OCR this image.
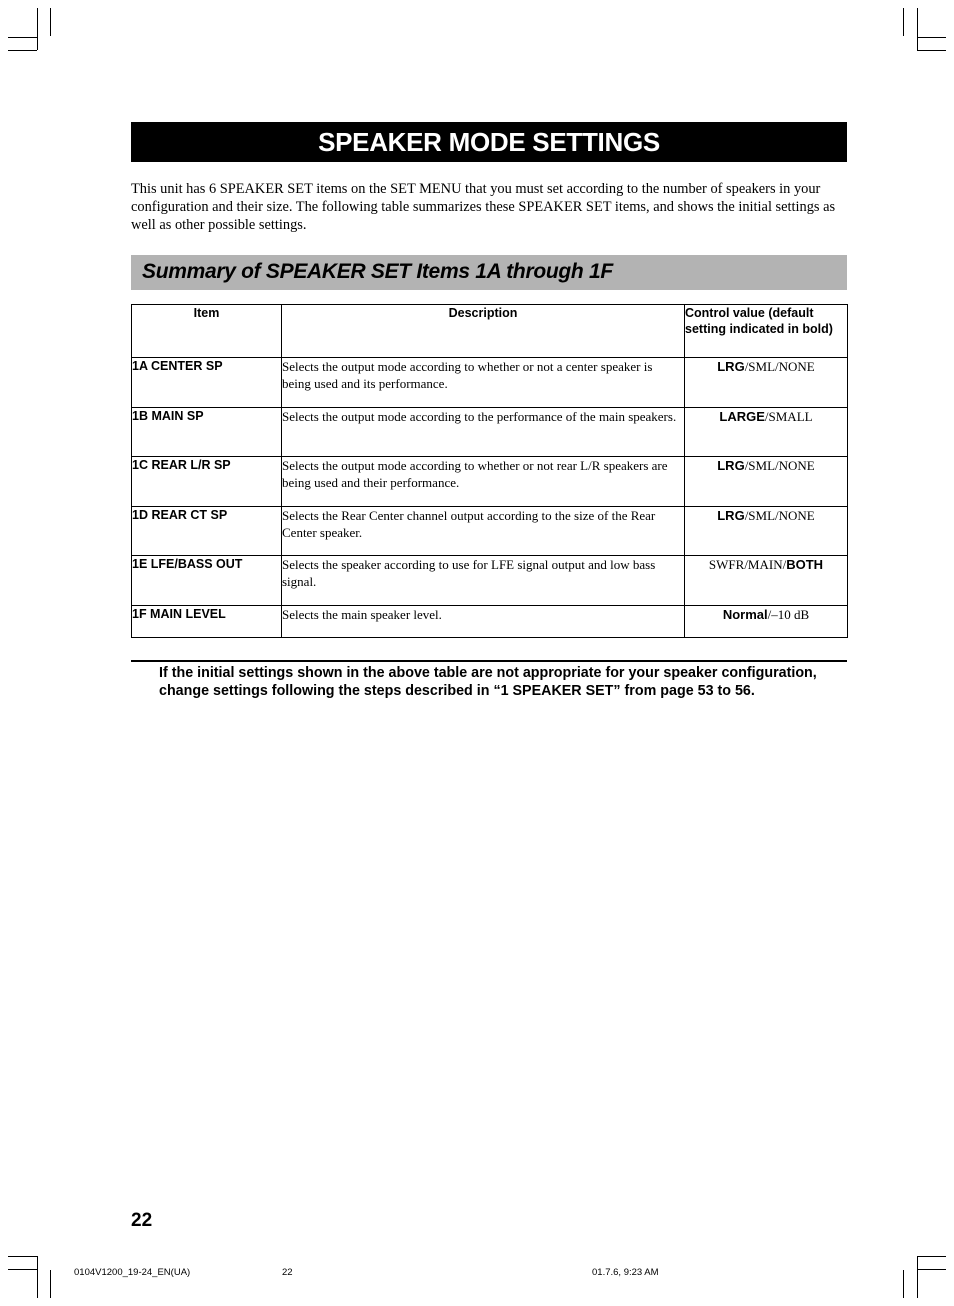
SPEAKER MODE SETTINGS

This unit has 6 SPEAKER SET items on the SET MENU that you must set according to the number of speakers in your configuration and their size. The following table summarizes these SPEAKER SET items, and shows the initial settings as well as other possible settings.

Summary of SPEAKER SET Items 1A through 1F
Item	Description	Control value (default setting indicated in bold)
1A CENTER SP	Selects the output mode according to whether or not a center speaker is being used and its performance.	LRG/SML/NONE
1B MAIN SP	Selects the output mode according to the performance of the main speakers.	LARGE/SMALL
1C REAR L/R SP	Selects the output mode according to whether or not rear L/R speakers are being used and their performance.	LRG/SML/NONE
1D REAR CT SP	Selects the Rear Center channel output according to the size of the Rear Center speaker.	LRG/SML/NONE
1E LFE/BASS OUT	Selects the speaker according to use for LFE signal output and low bass signal.	SWFR/MAIN/BOTH
1F MAIN LEVEL	Selects the main speaker level.	Normal/–10 dB

If the initial settings shown in the above table are not appropriate for your speaker configuration, change settings following the steps described in “1 SPEAKER SET” from page 53 to 56.

22
0104V1200_19-24_EN(UA)	22	01.7.6, 9:23 AM
